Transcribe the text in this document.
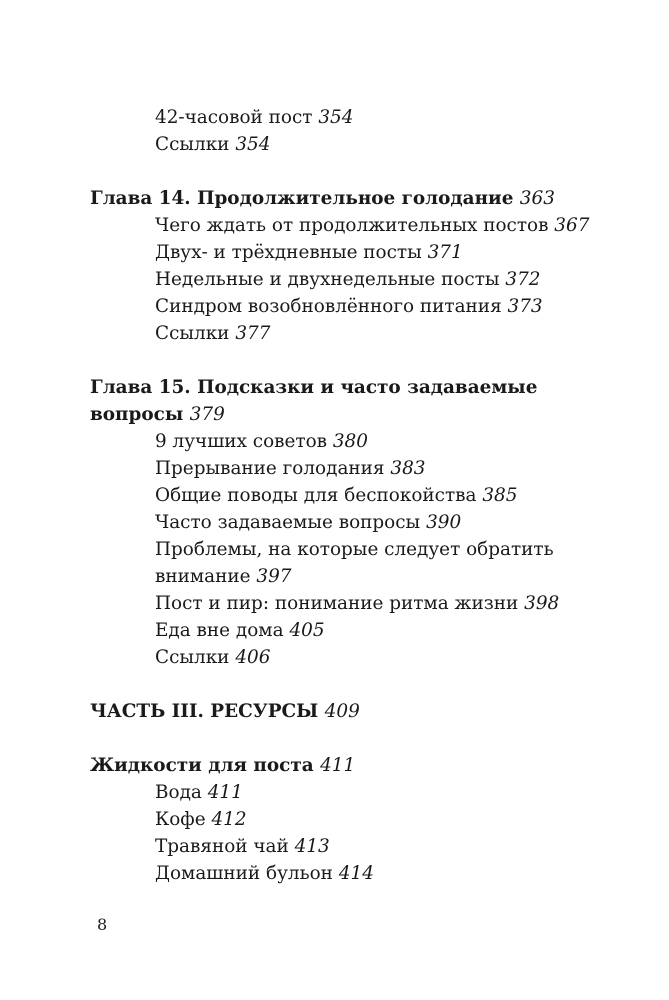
42-часовой пост 354
Ссылки 354
Глава 14. Продолжительное голодание 363
Чего ждать от продолжительных постов 367
Двух- и трёхдневные посты 371
Недельные и двухнедельные посты 372
Синдром возобновлённого питания 373
Ссылки 377
Глава 15. Подсказки и часто задаваемые
вопросы 379
9 лучших советов 380
Прерывание голодания 383
Общие поводы для беспокойства 385
Часто задаваемые вопросы 390
Проблемы, на которые следует обратить
внимание 397
Пост и пир: понимание ритма жизни 398
Еда вне дома 405
Ссылки 406
ЧАСТЬ III. РЕСУРСЫ 409
Жидкости для поста 411
Вода 411
Кофе 412
Травяной чай 413
Домашний бульон 414
8
